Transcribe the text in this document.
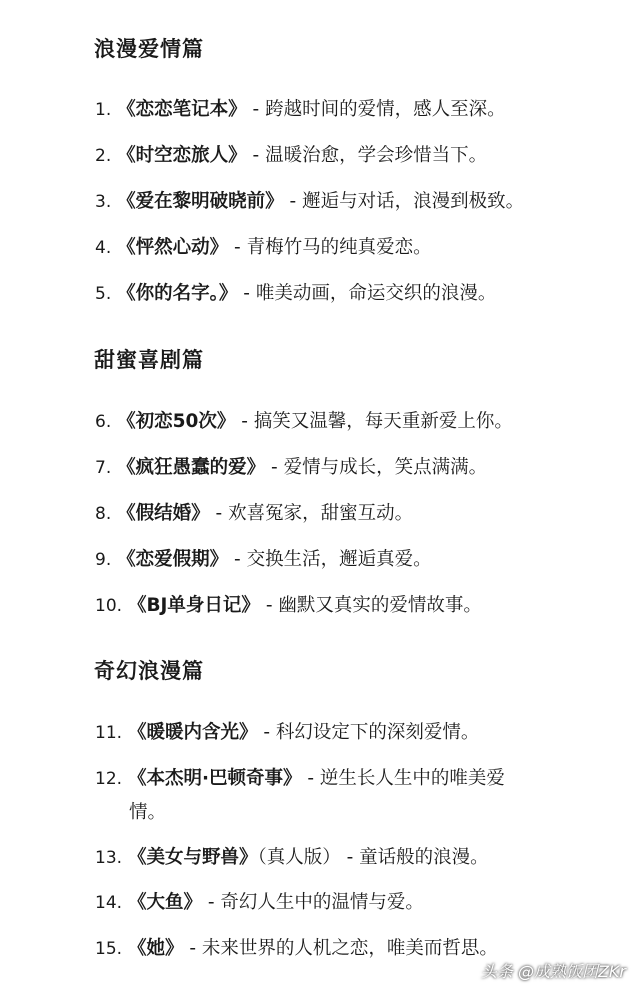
浪漫爱情篇
1. 《恋恋笔记本》 - 跨越时间的爱情，感人至深。
2. 《时空恋旅人》 - 温暖治愈，学会珍惜当下。
3. 《爱在黎明破晓前》 - 邂逅与对话，浪漫到极致。
4. 《怦然心动》 - 青梅竹马的纯真爱恋。
5. 《你的名字。》 - 唯美动画，命运交织的浪漫。
甜蜜喜剧篇
6. 《初恋50次》 - 搞笑又温馨，每天重新爱上你。
7. 《疯狂愚蠢的爱》 - 爱情与成长，笑点满满。
8. 《假结婚》 - 欢喜冤家，甜蜜互动。
9. 《恋爱假期》 - 交换生活，邂逅真爱。
10. 《BJ单身日记》 - 幽默又真实的爱情故事。
奇幻浪漫篇
11. 《暖暖内含光》 - 科幻设定下的深刻爱情。
12. 《本杰明·巴顿奇事》 - 逆生长人生中的唯美爱
情。
13. 《美女与野兽》（真人版） - 童话般的浪漫。
14. 《大鱼》 - 奇幻人生中的温情与爱。
15. 《她》 - 未来世界的人机之恋，唯美而哲思。
头条 @成熟饭团ZKr
